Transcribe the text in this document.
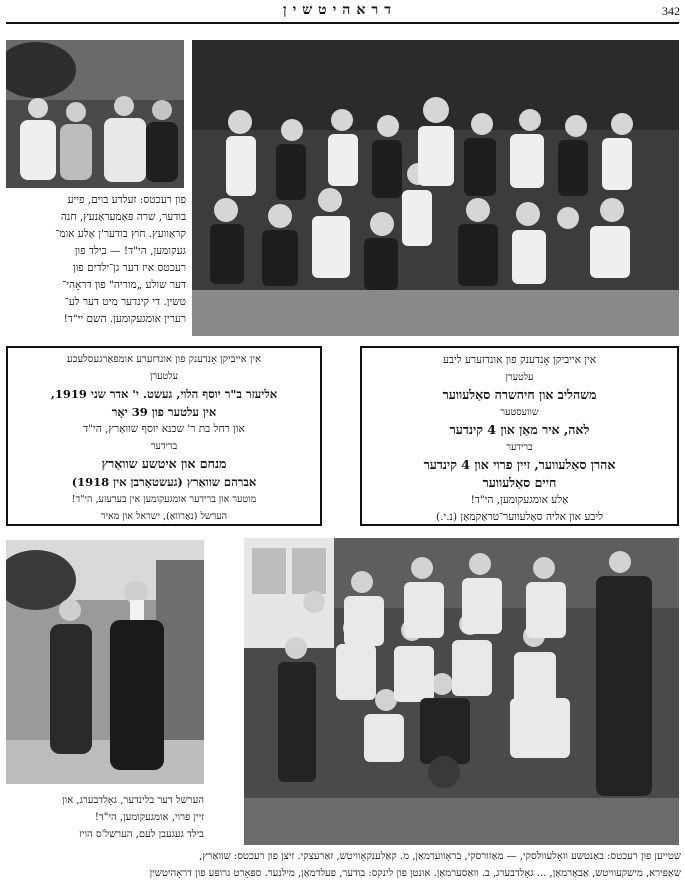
דראהיטשין	342
פון רעכטס: זעלדע בוים, פייע
בודער, שרה פּאַמעראַנעץ, חנה
קראַוועץ. חוץ בודער'ן אַלע אומ־
געקומען, הי"ד! — בילד פון
רעכטס איז דער גן־ילדים פון
דער שולע „מוריה" פון דראָהי־
טשין. די קינדער מיט דער לע־
רערין אומגעקומען. השם יי"ד!
אין אייביקן אָנדענק פון אונדזערע ליבע
עלטערן
משהליב און חיהשרה סאַלעווער
שוועסטער
לאה, איר מאַן און 4 קינדער
ברידער
אהרן סאַלעווער, זיין פרוי און 4 קינדער
חיים סאַלעווער
אַלע אומגעקומען, הי"ד!
ליבע און אליה סאַלעווער־טראַקמאַן (נ.י.)
אין אייביקן אָנדענק פון אונדזערע אומפאַרגעסלעכע
עלטערן
אליעזר ב"ר יוסף הלוי, געשט. י' אדר שני 1919,
אין עלטער פון 39 יאָר
און רחל בת ר' שכנא יוסף שוואַרץ, הי"ד
ברידער
מנחם און איטשע שוואַרץ
אברהם שוואַרץ (געשטאָרבן אין 1918)
מוטער און ברידער אומגעקומען אין בערעזע, הי"ד!
הערשל (נאַרוואַ), ישראל און מאיר
הערשל דער בלינדער, גאָלדבערג, און
זיין פרוי, אומגעקומען, הי"ד!
בילד געגעבן לעם, הערשל'ס הויז
שטייען פון רעכטס: באַנטשע וואָלעוולסקי, — מאַזורסקי, בראָווערמאַן, מ. קאַלענקאָוויטש, זאַרעצקי. זיצן פון רעכטס: שוואַרץ,
שאַפּירא, מישקעוויטש, אַבאַרמאַן, ... גאָלדבערג, ב. וואַסערמאַן. אונטן פון לינקס: בודער, פעלדמאַן, מילנער. ספּאָרט גרופּע פון דראָהיטשין
